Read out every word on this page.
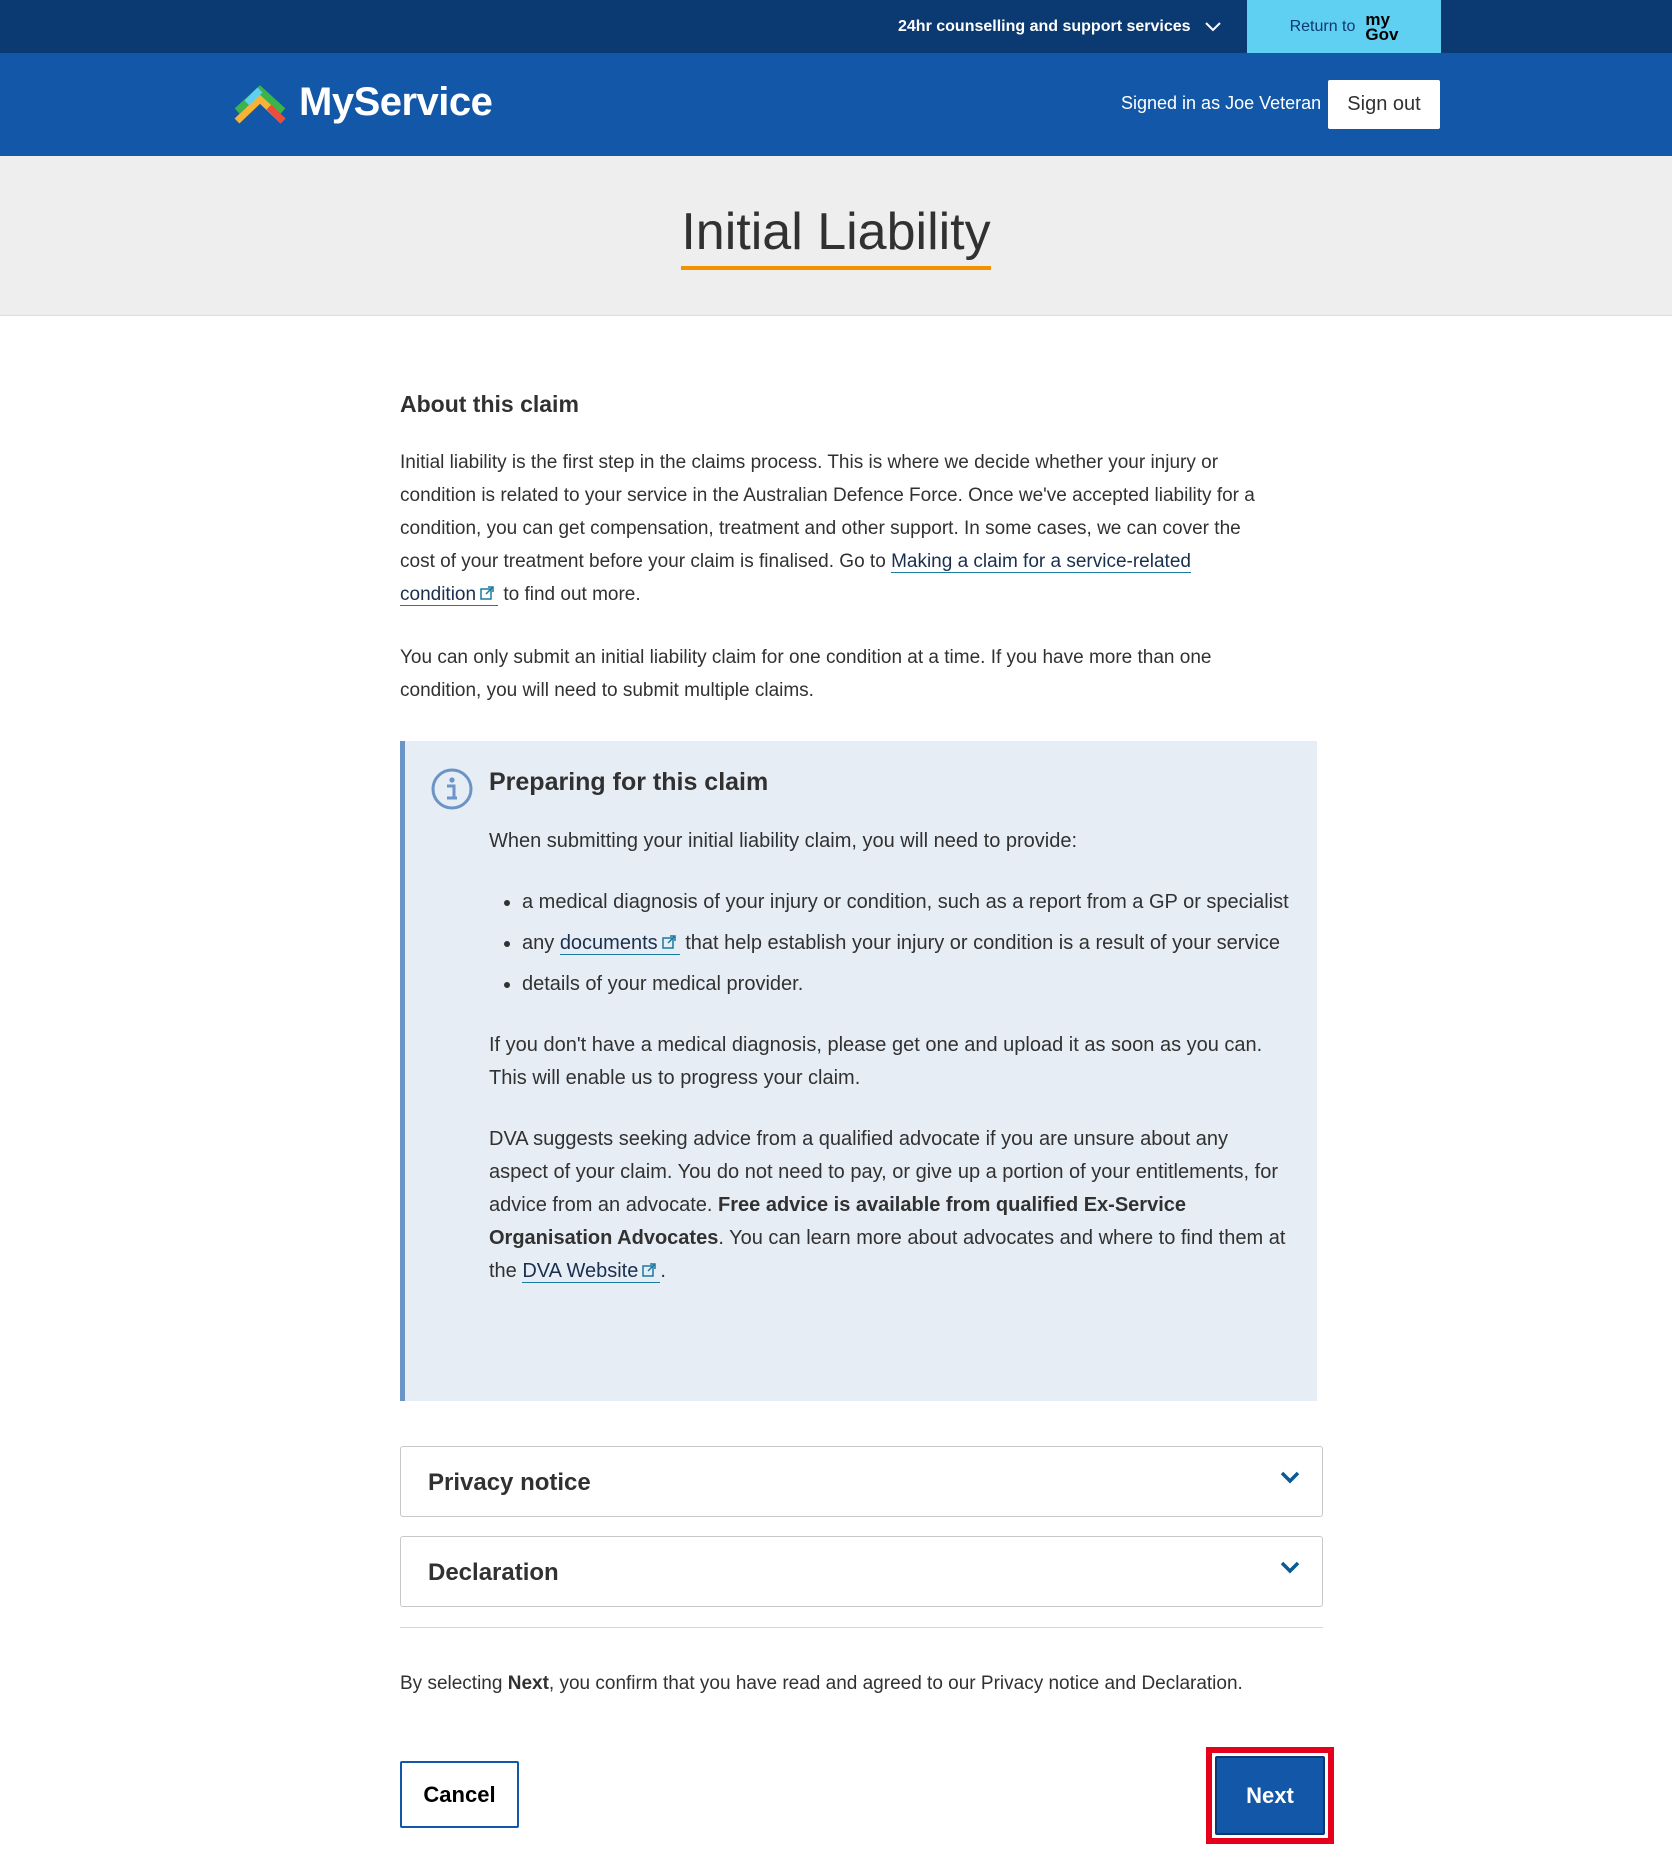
24hr counselling and support services	Return to my
Gov
MyService	Signed in as Joe Veteran	Sign out
Initial Liability
About this claim

Initial liability is the first step in the claims process. This is where we decide whether your injury or condition is related to your service in the Australian Defence Force. Once we've accepted liability for a condition, you can get compensation, treatment and other support. In some cases, we can cover the cost of your treatment before your claim is finalised. Go to Making a claim for a service-related condition to find out more.

You can only submit an initial liability claim for one condition at a time. If you have more than one condition, you will need to submit multiple claims.

Preparing for this claim

When submitting your initial liability claim, you will need to provide:

• a medical diagnosis of your injury or condition, such as a report from a GP or specialist
• any documents that help establish your injury or condition is a result of your service
• details of your medical provider.

If you don't have a medical diagnosis, please get one and upload it as soon as you can. This will enable us to progress your claim.

DVA suggests seeking advice from a qualified advocate if you are unsure about any aspect of your claim. You do not need to pay, or give up a portion of your entitlements, for advice from an advocate. Free advice is available from qualified Ex-Service Organisation Advocates. You can learn more about advocates and where to find them at the DVA Website .

Privacy notice
Declaration

By selecting Next, you confirm that you have read and agreed to our Privacy notice and Declaration.

Cancel	Next
